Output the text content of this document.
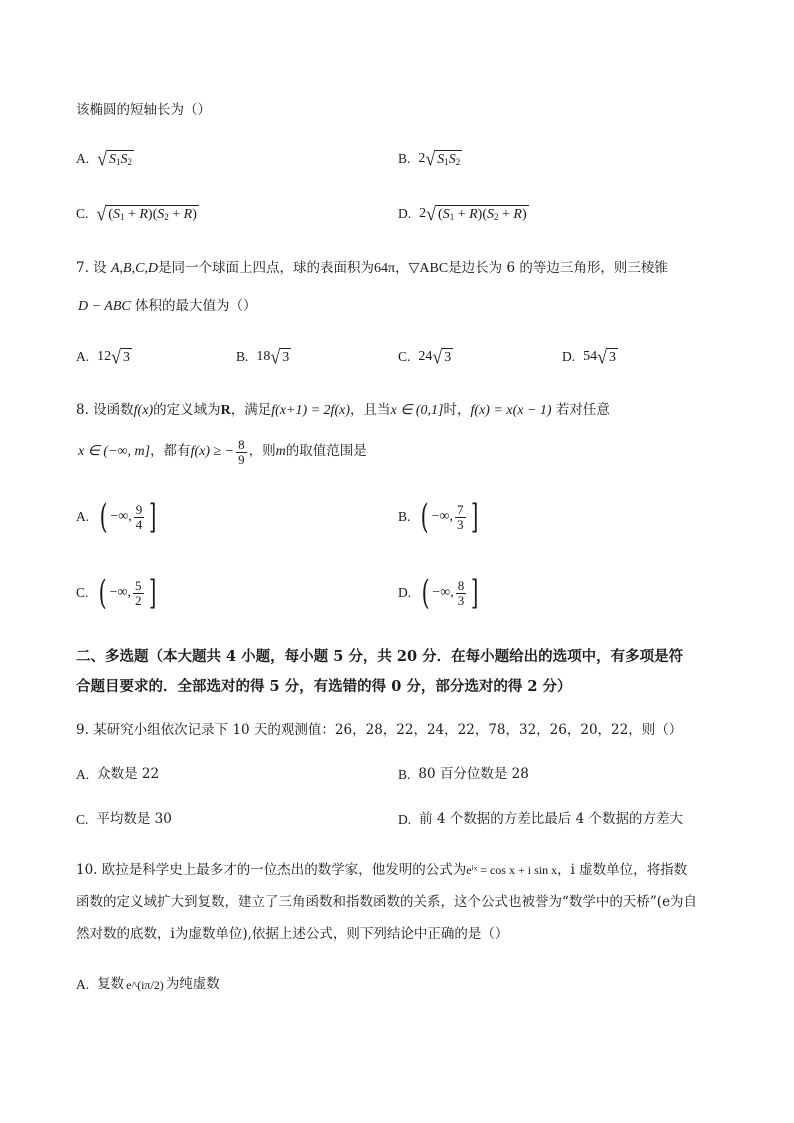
该椭圆的短轴长为（）
A. √ $S_1S_2$	B. 2 √ $S_1S_2$
C. √ $(S_1 + R)(S_2 + R)$	D. 2 √ $(S_1 + R)(S_2 + R)$
7. 设 A,B,C,D是同一个球面上四点，球的表面积为64π，▽ABC是边长为 6 的等边三角形，则三棱锥
D − ABC 体积的最大值为（）
A. 12 √ 3	B. 18 √ 3	C. 24 √ 3	D. 54 √ 3
8. 设函数f(x)的定义域为R，满足f(x+1) = 2f(x)，且当x ∈ (0,1]时，f(x) = x(x − 1) 若对任意
x ∈ (−∞, m] ，都有 f(x) ≥ − $\frac{8}{9}$ ，则 m 的取值范围是
A. ( −∞, $\frac{9}{4}$ ]	B. ( −∞, $\frac{7}{3}$ ]
C. ( −∞, $\frac{5}{2}$ ]	D. ( −∞, $\frac{8}{3}$ ]
二、多选题（本大题共 4 小题，每小题 5 分，共 20 分．在每小题给出的选项中，有多项是符
合题目要求的．全部选对的得 5 分，有选错的得 0 分，部分选对的得 2 分）
9. 某研究小组依次记录下 10 天的观测值：26，28，22，24，22，78，32，26，20，22，则（）
A. 众数是 22	B. 80 百分位数是 28
C. 平均数是 30	D. 前 4 个数据的方差比最后 4 个数据的方差大
10. 欧拉是科学史上最多才的一位杰出的数学家，他发明的公式为eⁱˣ = cos x + i sin x，i 虚数单位，将指数
函数的定义域扩大到复数，建立了三角函数和指数函数的关系，这个公式也被誉为“数学中的天桥”(e为自
然对数的底数，i为虚数单位),依据上述公式，则下列结论中正确的是（）
A. 复数 e^(iπ/2) 为纯虚数
